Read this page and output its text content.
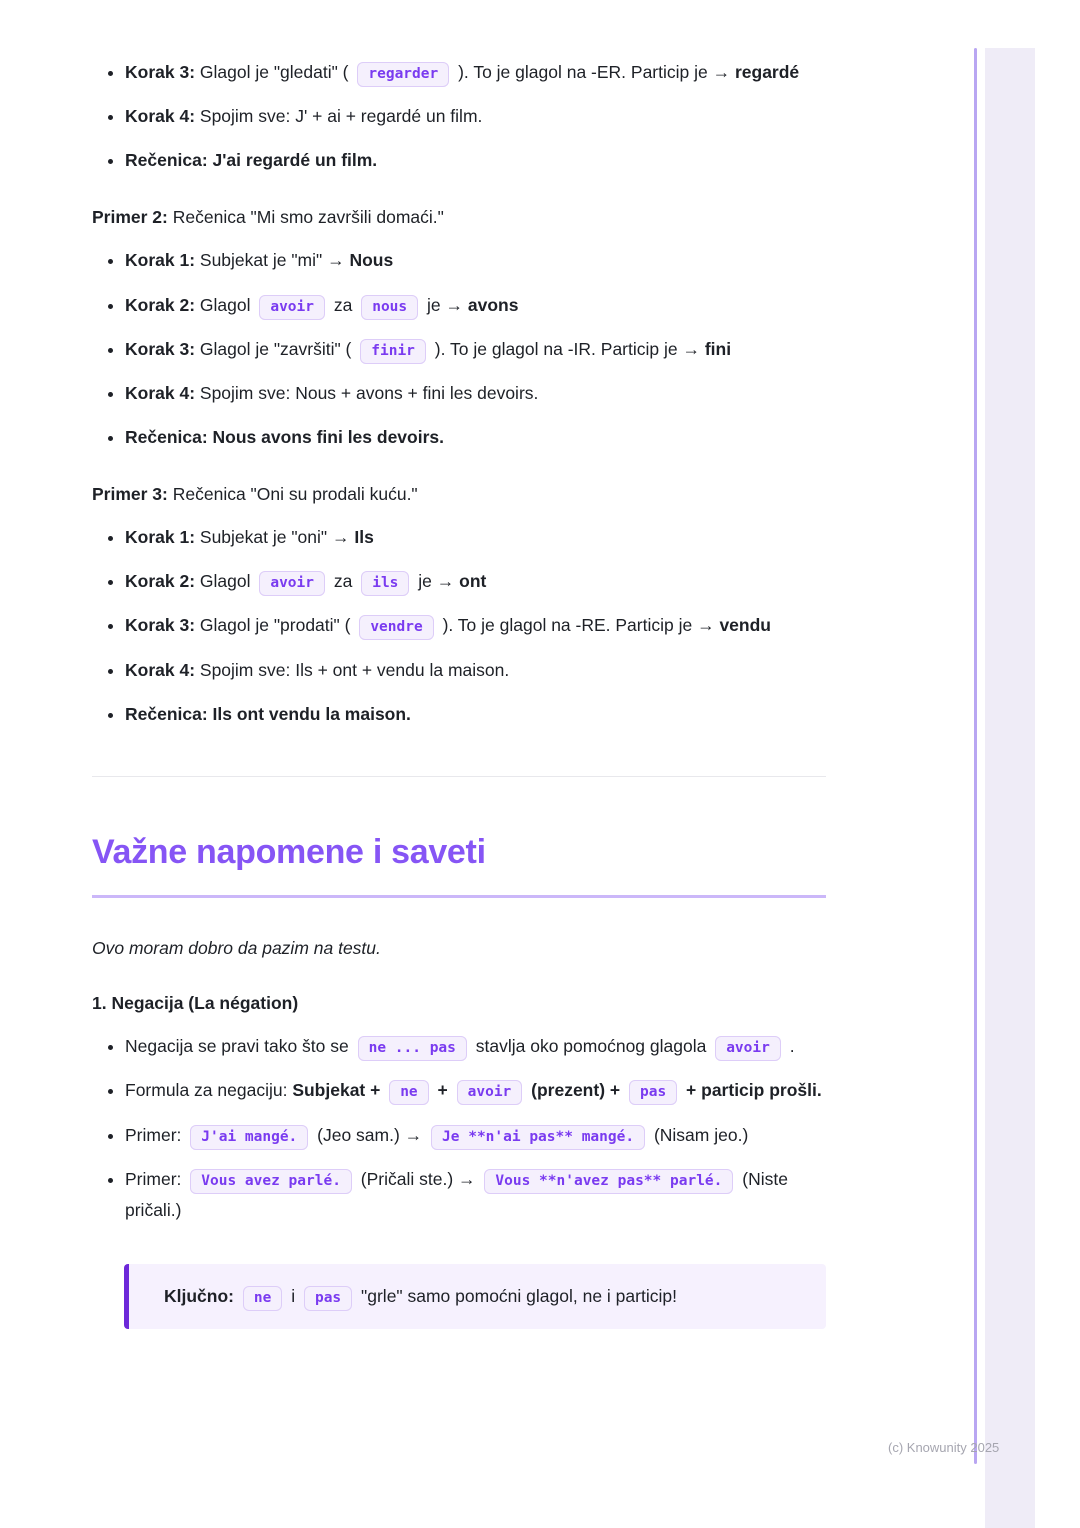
• Korak 3: Glagol je "gledati" ( regarder ). To je glagol na -ER. Particip je → regardé
• Korak 4: Spojim sve: J' + ai + regardé un film.
• Rečenica: J'ai regardé un film.

Primer 2: Rečenica "Mi smo završili domaći."

• Korak 1: Subjekat je "mi" → Nous
• Korak 2: Glagol avoir za nous je → avons
• Korak 3: Glagol je "završiti" ( finir ). To je glagol na -IR. Particip je → fini
• Korak 4: Spojim sve: Nous + avons + fini les devoirs.
• Rečenica: Nous avons fini les devoirs.

Primer 3: Rečenica "Oni su prodali kuću."

• Korak 1: Subjekat je "oni" → Ils
• Korak 2: Glagol avoir za ils je → ont
• Korak 3: Glagol je "prodati" ( vendre ). To je glagol na -RE. Particip je → vendu
• Korak 4: Spojim sve: Ils + ont + vendu la maison.
• Rečenica: Ils ont vendu la maison.
Važne napomene i saveti

Ovo moram dobro da pazim na testu.

1. Negacija (La négation)

• Negacija se pravi tako što se ne ... pas stavlja oko pomoćnog glagola avoir .
• Formula za negaciju: Subjekat + ne + avoir (prezent) + pas + particip prošli.
• Primer: J'ai mangé. (Jeo sam.) → Je **n'ai pas** mangé. (Nisam jeo.)
• Primer: Vous avez parlé. (Pričali ste.) → Vous **n'avez pas** parlé. (Niste pričali.)
Ključno: ne i pas "grle" samo pomoćni glagol, ne i particip!
(c) Knowunity 2025
